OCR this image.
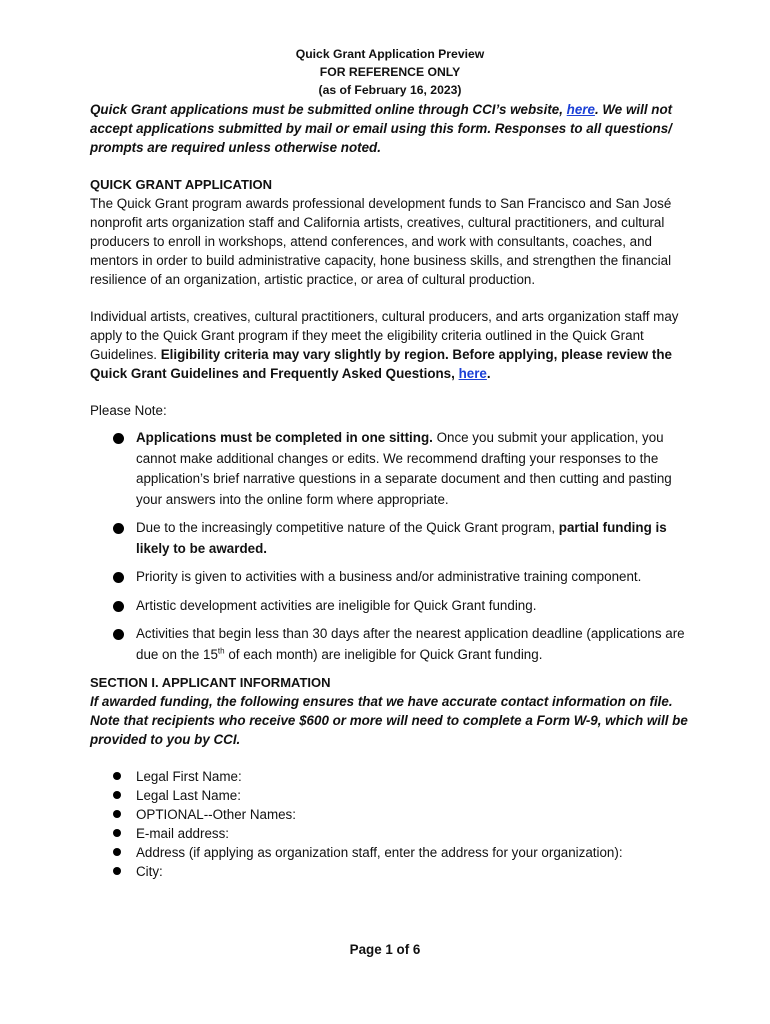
Quick Grant Application Preview

FOR REFERENCE ONLY

(as of February 16, 2023)

Quick Grant applications must be submitted online through CCI’s website, here. We will not accept applications submitted by mail or email using this form. Responses to all questions/ prompts are required unless otherwise noted.

QUICK GRANT APPLICATION

The Quick Grant program awards professional development funds to San Francisco and San José nonprofit arts organization staff and California artists, creatives, cultural practitioners, and cultural producers to enroll in workshops, attend conferences, and work with consultants, coaches, and mentors in order to build administrative capacity, hone business skills, and strengthen the financial resilience of an organization, artistic practice, or area of cultural production.

Individual artists, creatives, cultural practitioners, cultural producers, and arts organization staff may apply to the Quick Grant program if they meet the eligibility criteria outlined in the Quick Grant Guidelines. Eligibility criteria may vary slightly by region. Before applying, please review the Quick Grant Guidelines and Frequently Asked Questions, here.

Please Note:

Applications must be completed in one sitting. Once you submit your application, you cannot make additional changes or edits. We recommend drafting your responses to the application’s brief narrative questions in a separate document and then cutting and pasting your answers into the online form where appropriate.
Due to the increasingly competitive nature of the Quick Grant program, partial funding is likely to be awarded.
Priority is given to activities with a business and/or administrative training component.
Artistic development activities are ineligible for Quick Grant funding.
Activities that begin less than 30 days after the nearest application deadline (applications are due on the 15th of each month) are ineligible for Quick Grant funding.

SECTION I. APPLICANT INFORMATION

If awarded funding, the following ensures that we have accurate contact information on file. Note that recipients who receive $600 or more will need to complete a Form W-9, which will be provided to you by CCI.

Legal First Name:
Legal Last Name:
OPTIONAL--Other Names:
E-mail address:
Address (if applying as organization staff, enter the address for your organization):
City:
Page 1 of 6
